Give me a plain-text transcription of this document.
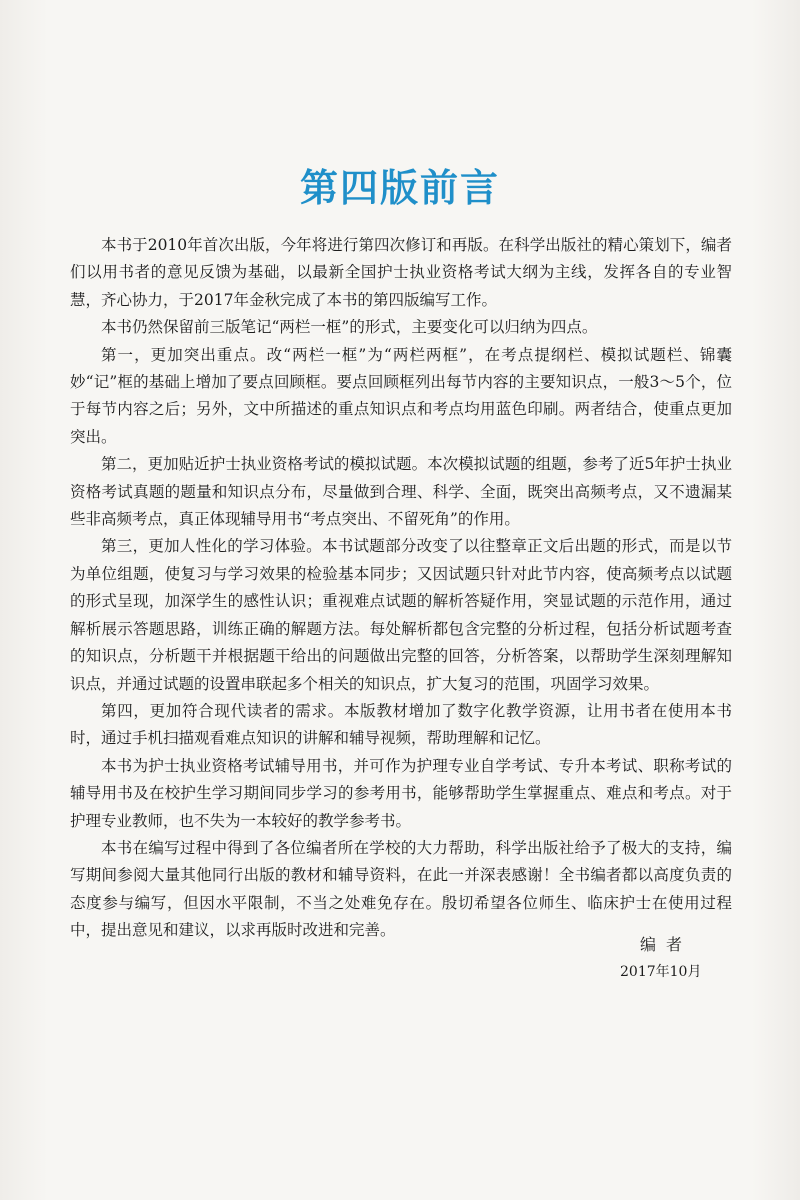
第四版前言

本书于2010年首次出版，今年将进行第四次修订和再版。在科学出版社的精心策划下，编者们以用书者的意见反馈为基础，以最新全国护士执业资格考试大纲为主线，发挥各自的专业智慧，齐心协力，于2017年金秋完成了本书的第四版编写工作。

本书仍然保留前三版笔记“两栏一框”的形式，主要变化可以归纳为四点。

第一，更加突出重点。改“两栏一框”为“两栏两框”，在考点提纲栏、模拟试题栏、锦囊妙“记”框的基础上增加了要点回顾框。要点回顾框列出每节内容的主要知识点，一般3～5个，位于每节内容之后；另外，文中所描述的重点知识点和考点均用蓝色印刷。两者结合，使重点更加突出。

第二，更加贴近护士执业资格考试的模拟试题。本次模拟试题的组题，参考了近5年护士执业资格考试真题的题量和知识点分布，尽量做到合理、科学、全面，既突出高频考点，又不遗漏某些非高频考点，真正体现辅导用书“考点突出、不留死角”的作用。

第三，更加人性化的学习体验。本书试题部分改变了以往整章正文后出题的形式，而是以节为单位组题，使复习与学习效果的检验基本同步；又因试题只针对此节内容，使高频考点以试题的形式呈现，加深学生的感性认识；重视难点试题的解析答疑作用，突显试题的示范作用，通过解析展示答题思路，训练正确的解题方法。每处解析都包含完整的分析过程，包括分析试题考查的知识点，分析题干并根据题干给出的问题做出完整的回答，分析答案，以帮助学生深刻理解知识点，并通过试题的设置串联起多个相关的知识点，扩大复习的范围，巩固学习效果。

第四，更加符合现代读者的需求。本版教材增加了数字化教学资源，让用书者在使用本书时，通过手机扫描观看难点知识的讲解和辅导视频，帮助理解和记忆。

本书为护士执业资格考试辅导用书，并可作为护理专业自学考试、专升本考试、职称考试的辅导用书及在校护生学习期间同步学习的参考用书，能够帮助学生掌握重点、难点和考点。对于护理专业教师，也不失为一本较好的教学参考书。

本书在编写过程中得到了各位编者所在学校的大力帮助，科学出版社给予了极大的支持，编写期间参阅大量其他同行出版的教材和辅导资料，在此一并深表感谢！全书编者都以高度负责的态度参与编写，但因水平限制，不当之处难免存在。殷切希望各位师生、临床护士在使用过程中，提出意见和建议，以求再版时改进和完善。

编者
2017年10月
